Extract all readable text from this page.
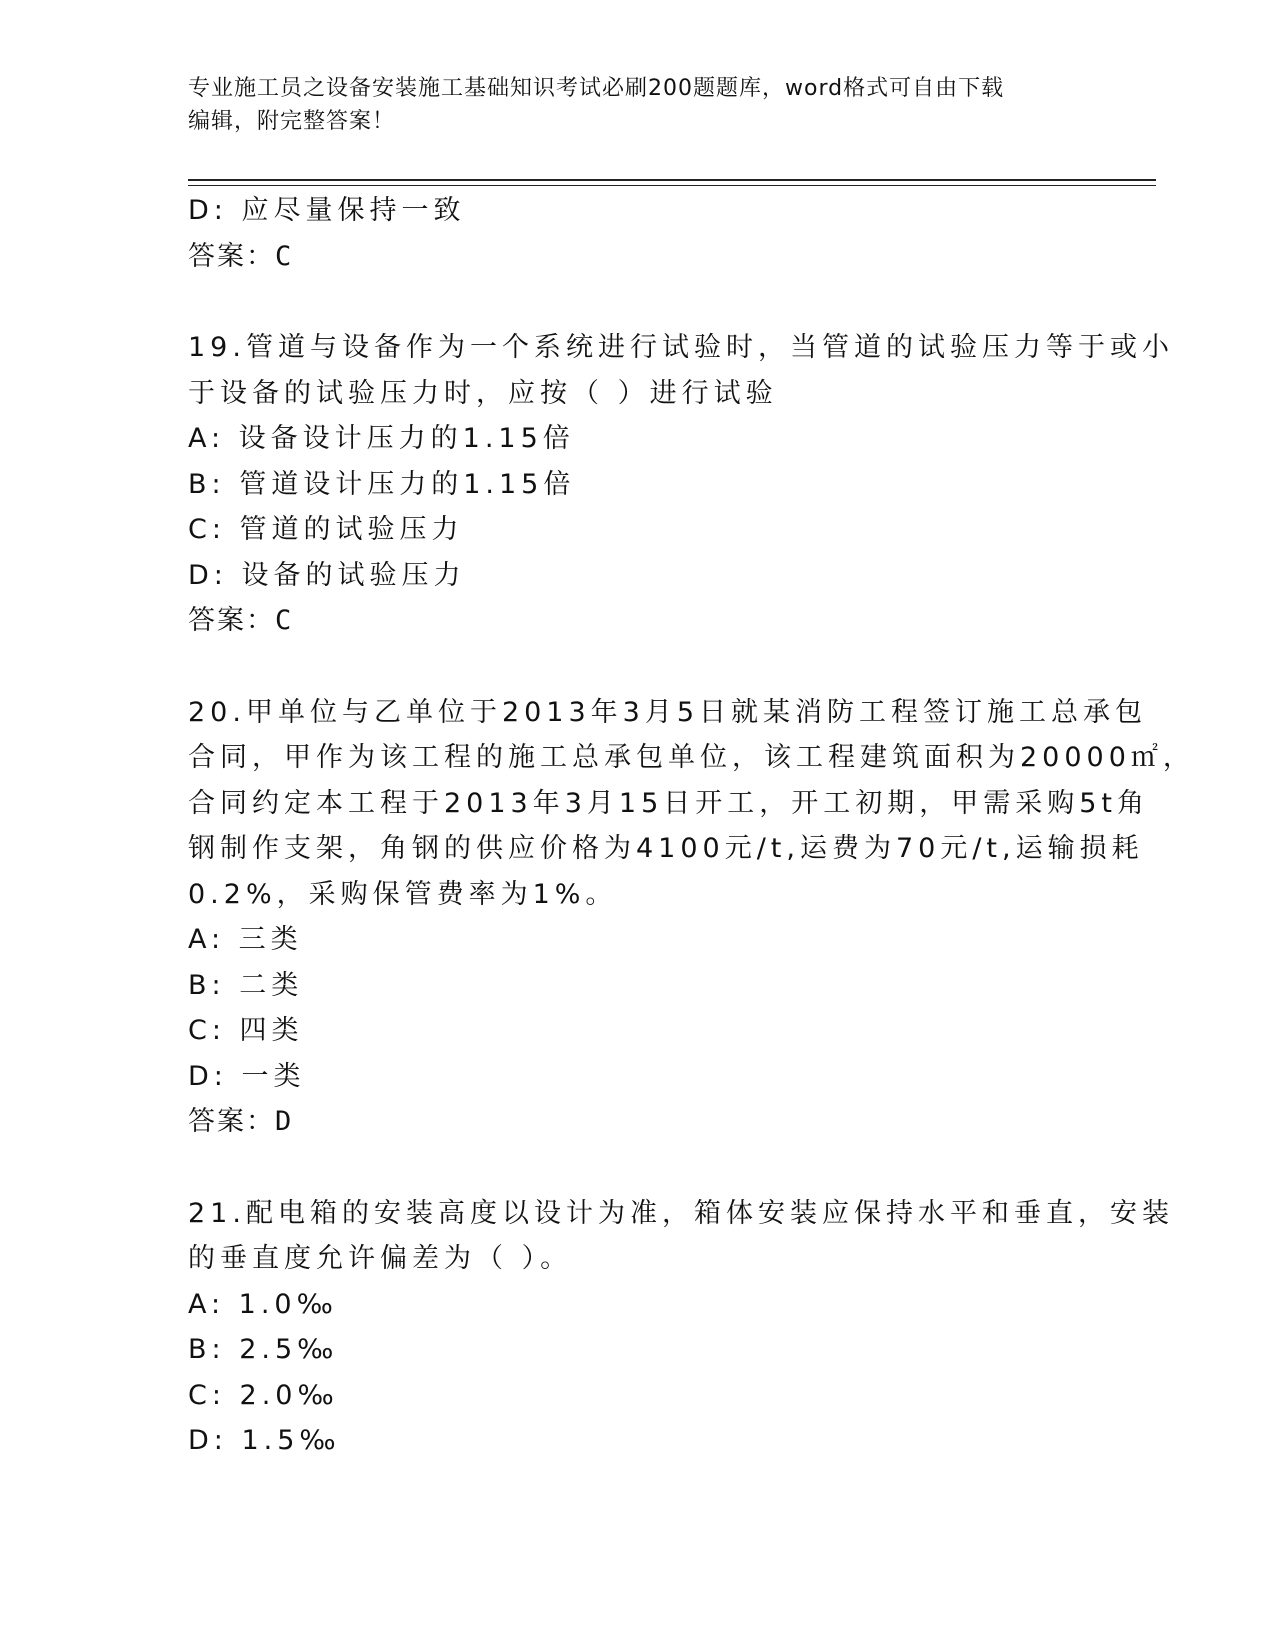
专业施工员之设备安装施工基础知识考试必刷200题题库，word格式可自由下载
编辑，附完整答案！
D: 应尽量保持一致
答案：C
19.管道与设备作为一个系统进行试验时，当管道的试验压力等于或小
于设备的试验压力时，应按（ ）进行试验
A: 设备设计压力的1.15倍
B: 管道设计压力的1.15倍
C: 管道的试验压力
D: 设备的试验压力
答案：C
20.甲单位与乙单位于2013年3月5日就某消防工程签订施工总承包
合同，甲作为该工程的施工总承包单位，该工程建筑面积为20000㎡，
合同约定本工程于2013年3月15日开工，开工初期，甲需采购5t角
钢制作支架，角钢的供应价格为4100元/t,运费为70元/t,运输损耗
0.2%，采购保管费率为1%。
A: 三类
B: 二类
C: 四类
D: 一类
答案：D
21.配电箱的安装高度以设计为准，箱体安装应保持水平和垂直，安装
的垂直度允许偏差为（ ）。
A: 1.0‰
B: 2.5‰
C: 2.0‰
D: 1.5‰
